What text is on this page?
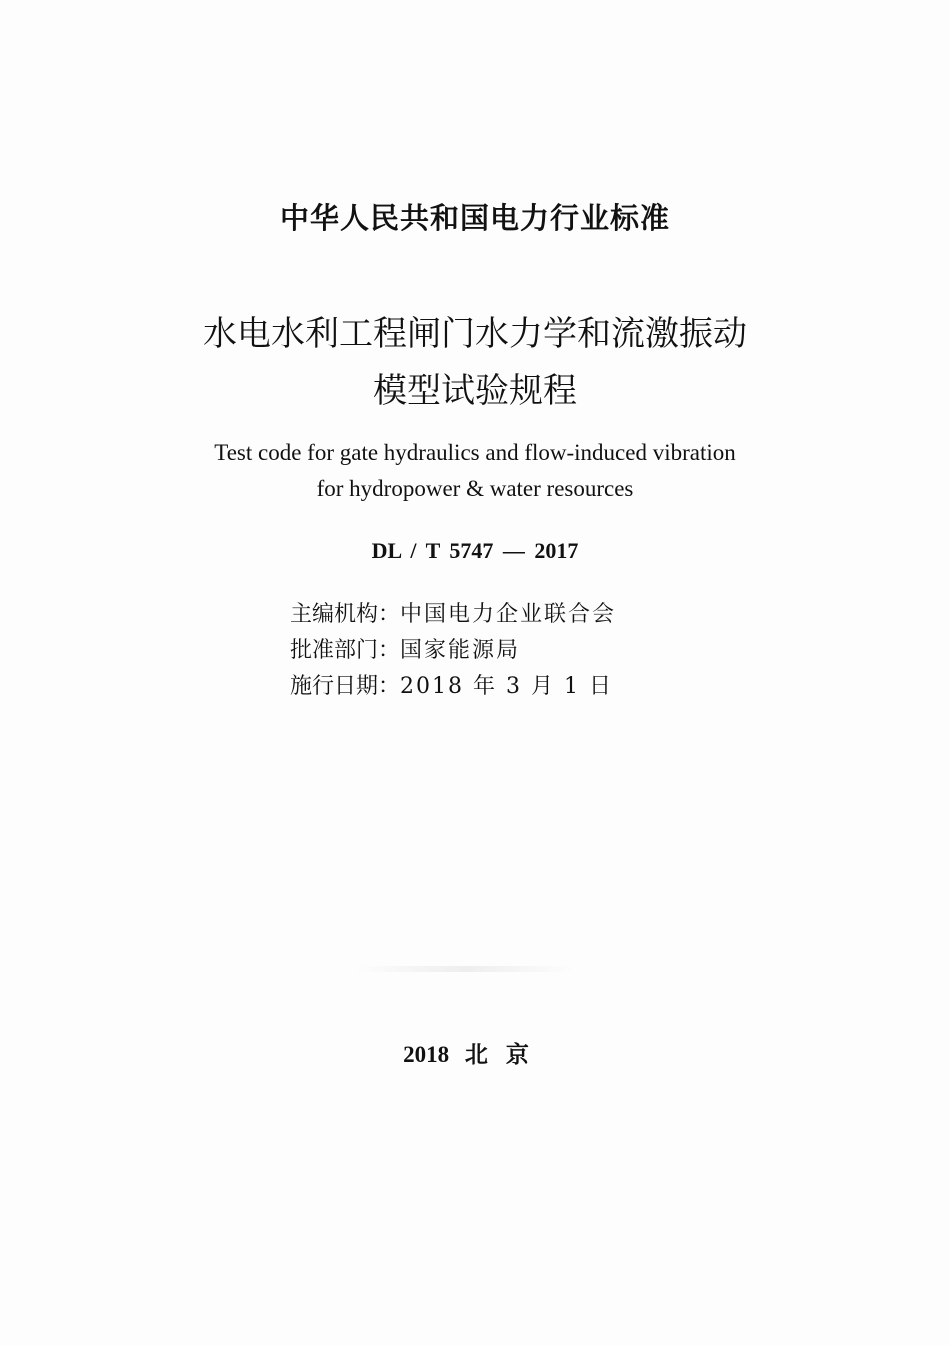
中华人民共和国电力行业标准
水电水利工程闸门水力学和流激振动
模型试验规程
Test code for gate hydraulics and flow-induced vibration
for hydropower & water resources
DL / T 5747 — 2017
主编机构：中国电力企业联合会
批准部门：国家能源局
施行日期：2018 年 3 月 1 日
2018 北京
